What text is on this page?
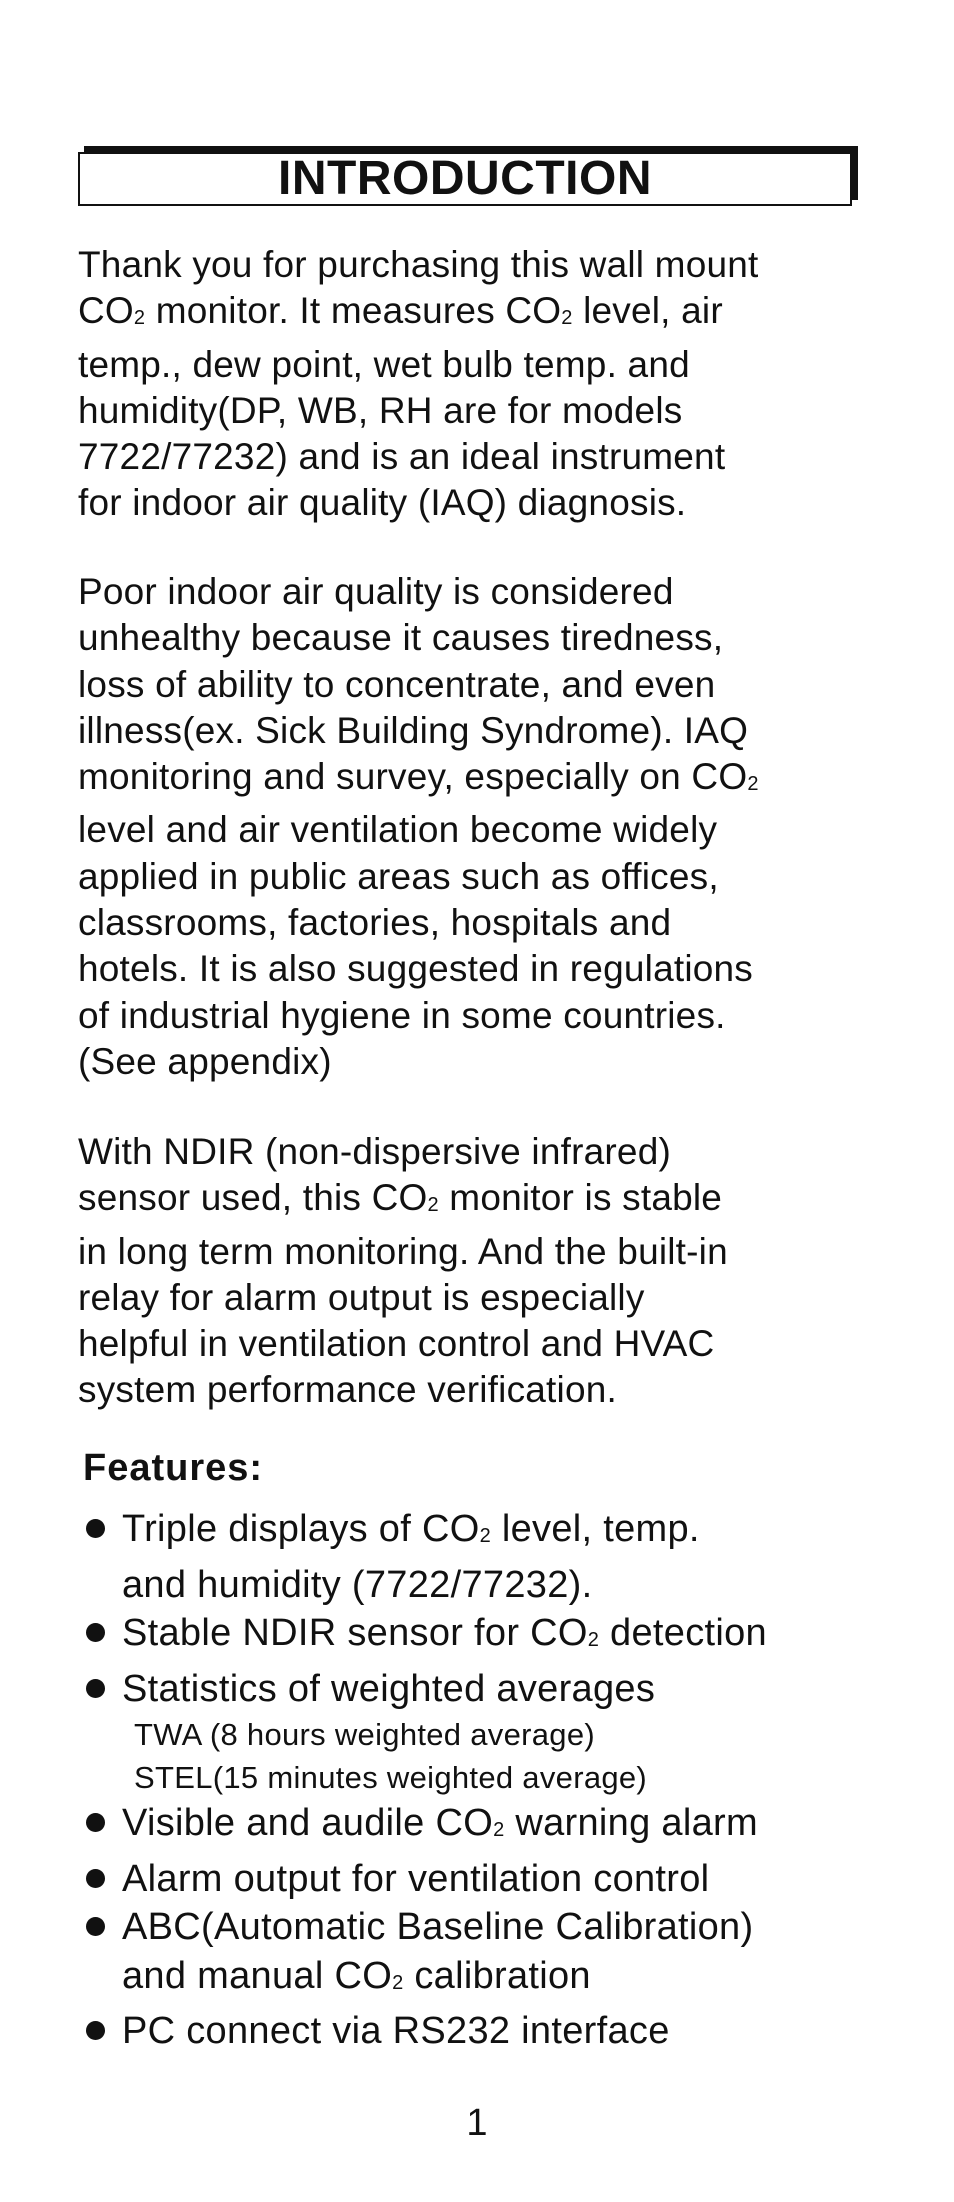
INTRODUCTION
Thank you for purchasing this wall mount
$CO_2$ monitor. It measures $CO_2$ level, air
temp., dew point, wet bulb temp. and
humidity(DP, WB, RH are for models
7722/77232) and is an ideal instrument
for indoor air quality (IAQ) diagnosis.
Poor indoor air quality is considered
unhealthy because it causes tiredness,
loss of ability to concentrate, and even
illness(ex. Sick Building Syndrome). IAQ
monitoring and survey, especially on $CO_2$
level and air ventilation become widely
applied in public areas such as offices,
classrooms, factories, hospitals and
hotels. It is also suggested in regulations
of industrial hygiene in some countries.
(See appendix)
With NDIR (non-dispersive infrared)
sensor used, this $CO_2$ monitor is stable
in long term monitoring. And the built-in
relay for alarm output is especially
helpful in ventilation control and HVAC
system performance verification.
Features:
Triple displays of $CO_2$ level, temp.
and humidity (7722/77232).
Stable NDIR sensor for $CO_2$ detection
Statistics of weighted averages
TWA (8 hours weighted average)
STEL(15 minutes weighted average)
Visible and audile $CO_2$ warning alarm
Alarm output for ventilation control
ABC(Automatic Baseline Calibration)
and manual $CO_2$ calibration
PC connect via RS232 interface
1
